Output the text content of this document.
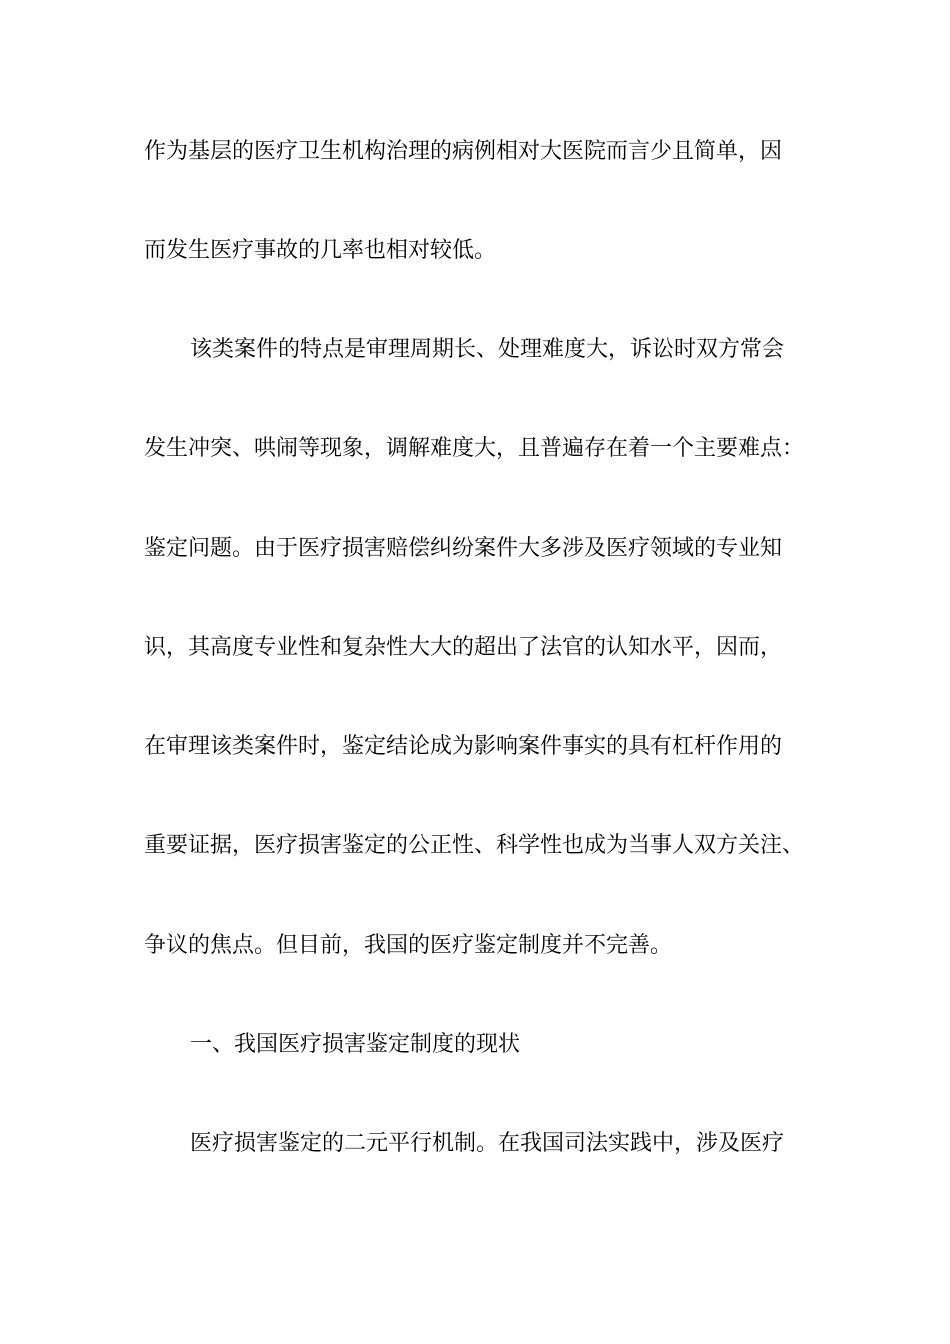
作为基层的医疗卫生机构治理的病例相对大医院而言少且简单，因
而发生医疗事故的几率也相对较低。
该类案件的特点是审理周期长、处理难度大，诉讼时双方常会
发生冲突、哄闹等现象，调解难度大，且普遍存在着一个主要难点：
鉴定问题。由于医疗损害赔偿纠纷案件大多涉及医疗领域的专业知
识，其高度专业性和复杂性大大的超出了法官的认知水平，因而，
在审理该类案件时，鉴定结论成为影响案件事实的具有杠杆作用的
重要证据，医疗损害鉴定的公正性、科学性也成为当事人双方关注、
争议的焦点。但目前，我国的医疗鉴定制度并不完善。
一、我国医疗损害鉴定制度的现状
医疗损害鉴定的二元平行机制。在我国司法实践中，涉及医疗
